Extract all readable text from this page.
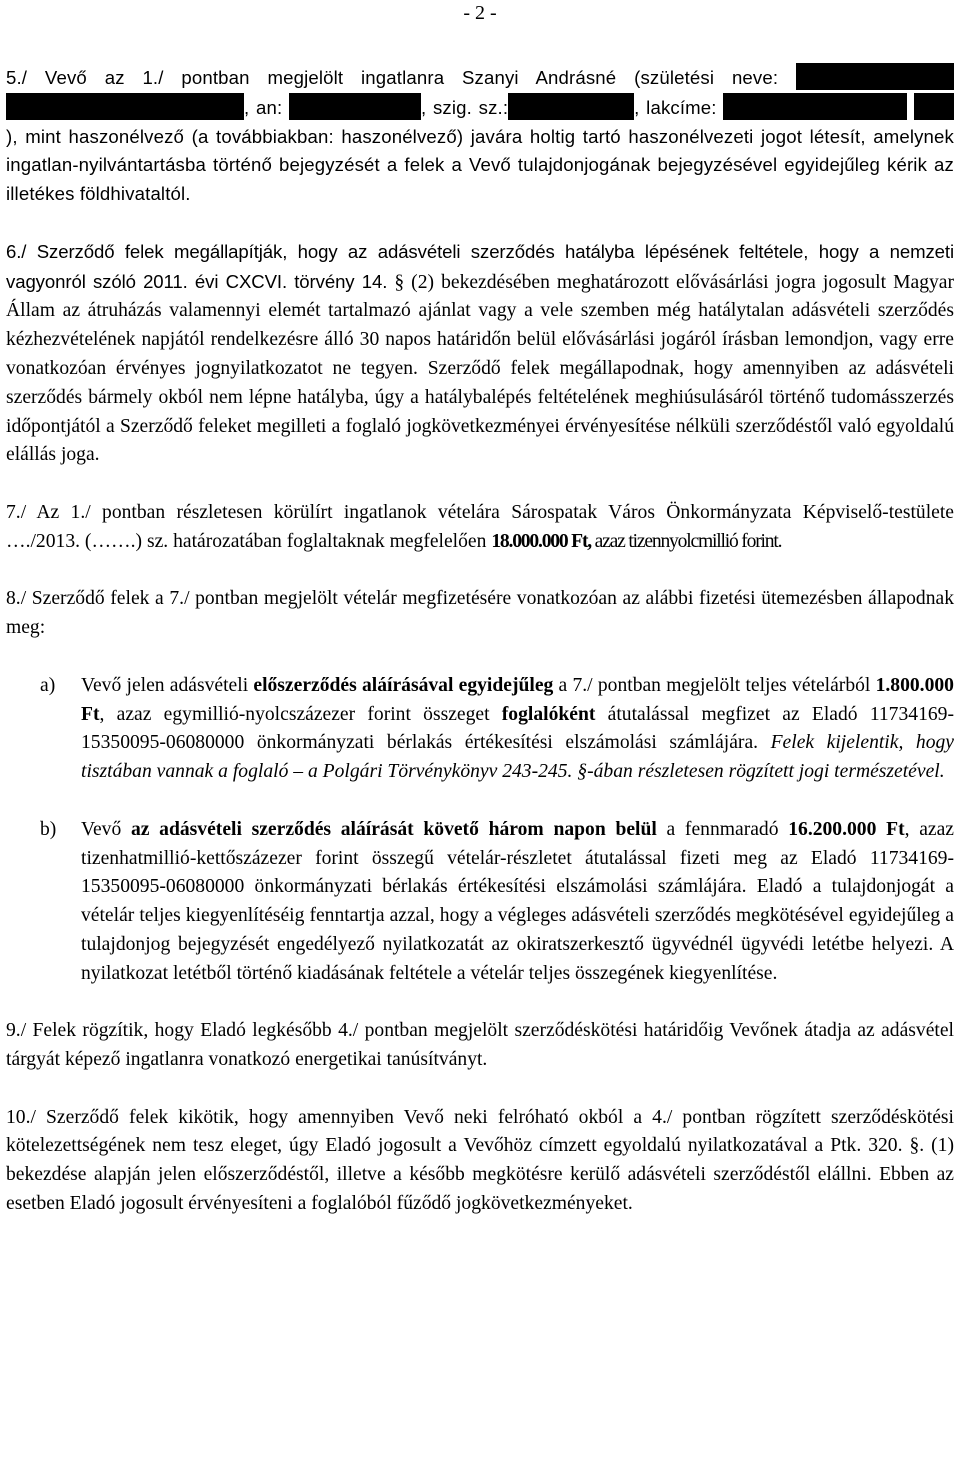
- 2 -

5./ Vevő az 1./ pontban megjelölt ingatlanra Szanyi Andrásné (születési neve:  , an:	, szig. sz.:	, lakcíme:  ), mint haszonélvező (a továbbiakban: haszonélvező) javára holtig tartó haszonélvezeti jogot létesít, amelynek ingatlan-nyilvántartásba történő bejegyzését a felek a Vevő tulajdonjogának bejegyzésével egyidejűleg kérik az illetékes földhivataltól.

6./ Szerződő felek megállapítják, hogy az adásvételi szerződés hatályba lépésének feltétele, hogy a nemzeti vagyonról szóló 2011. évi CXCVI. törvény 14. § (2) bekezdésében meghatározott elővásárlási jogra jogosult Magyar Állam az átruházás valamennyi elemét tartalmazó ajánlat vagy a vele szemben még hatálytalan adásvételi szerződés kézhezvételének napjától rendelkezésre álló 30 napos határidőn belül elővásárlási jogáról írásban lemondjon, vagy erre vonatkozóan érvényes jognyilatkozatot ne tegyen. Szerződő felek megállapodnak, hogy amennyiben az adásvételi szerződés bármely okból nem lépne hatályba, úgy a hatálybalépés feltételének meghiúsulásáról történő tudomásszerzés időpontjától a Szerződő feleket megilleti a foglaló jogkövetkezményei érvényesítése nélküli szerződéstől való egyoldalú elállás joga.

7./ Az 1./ pontban részletesen körülírt ingatlanok vételára Sárospatak Város Önkormányzata Képviselő-testülete …./2013. (…….) sz. határozatában foglaltaknak megfelelően 18.000.000 Ft, azaz tizennyolcmillió forint.

8./ Szerződő felek a 7./ pontban megjelölt vételár megfizetésére vonatkozóan az alábbi fizetési ütemezésben állapodnak meg:

a) Vevő jelen adásvételi előszerződés aláírásával egyidejűleg a 7./ pontban megjelölt teljes vételárból 1.800.000 Ft, azaz egymillió-nyolcszázezer forint összeget foglalóként átutalással megfizet az Eladó 11734169-15350095-06080000 önkormányzati bérlakás értékesítési elszámolási számlájára. Felek kijelentik, hogy tisztában vannak a foglaló – a Polgári Törvénykönyv 243-245. §-ában részletesen rögzített jogi természetével.

b) Vevő az adásvételi szerződés aláírását követő három napon belül a fennmaradó 16.200.000 Ft, azaz tizenhatmillió-kettőszázezer forint összegű vételár-részletet átutalással fizeti meg az Eladó 11734169-15350095-06080000 önkormányzati bérlakás értékesítési elszámolási számlájára. Eladó a tulajdonjogát a vételár teljes kiegyenlítéséig fenntartja azzal, hogy a végleges adásvételi szerződés megkötésével egyidejűleg a tulajdonjog bejegyzését engedélyező nyilatkozatát az okiratszerkesztő ügyvédnél ügyvédi letétbe helyezi. A nyilatkozat letétből történő kiadásának feltétele a vételár teljes összegének kiegyenlítése.

9./ Felek rögzítik, hogy Eladó legkésőbb 4./ pontban megjelölt szerződéskötési határidőig Vevőnek átadja az adásvétel tárgyát képező ingatlanra vonatkozó energetikai tanúsítványt.

10./ Szerződő felek kikötik, hogy amennyiben Vevő neki felróható okból a 4./ pontban rögzített szerződéskötési kötelezettségének nem tesz eleget, úgy Eladó jogosult a Vevőhöz címzett egyoldalú nyilatkozatával a Ptk. 320. §. (1) bekezdése alapján jelen előszerződéstől, illetve a később megkötésre kerülő adásvételi szerződéstől elállni. Ebben az esetben Eladó jogosult érvényesíteni a foglalóból fűződő jogkövetkezményeket.
